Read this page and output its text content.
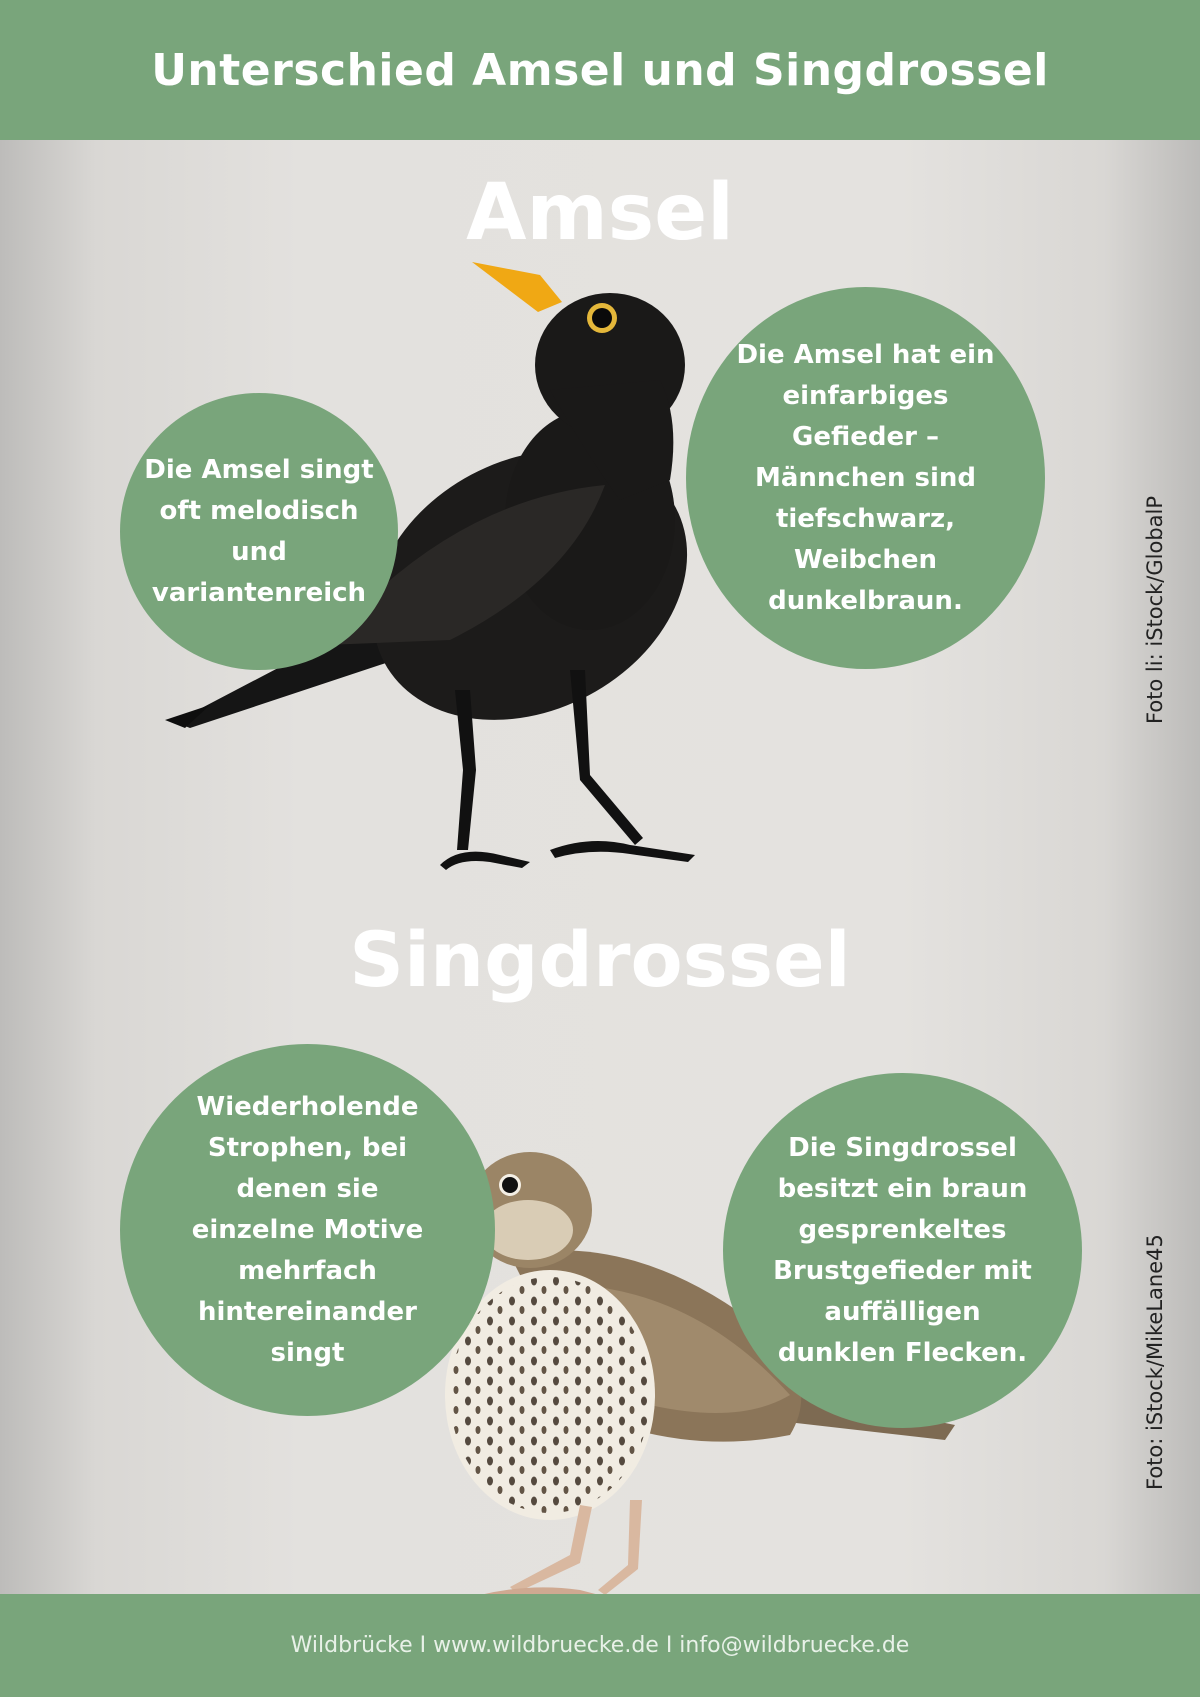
Unterschied Amsel und Singdrossel
Amsel
Die Amsel singt oft melodisch und variantenreich
Die Amsel hat ein einfarbiges Gefieder – Männchen sind tiefschwarz, Weibchen dunkelbraun.
Singdrossel
Wiederholende Strophen, bei denen sie einzelne Motive mehrfach hintereinander singt
Die Singdrossel besitzt ein braun gesprenkeltes Brustgefieder mit auffälligen dunklen Flecken.
Foto li: iStock/GlobalP
Foto: iStock/MikeLane45
Wildbrücke I www.wildbruecke.de I info@wildbruecke.de
